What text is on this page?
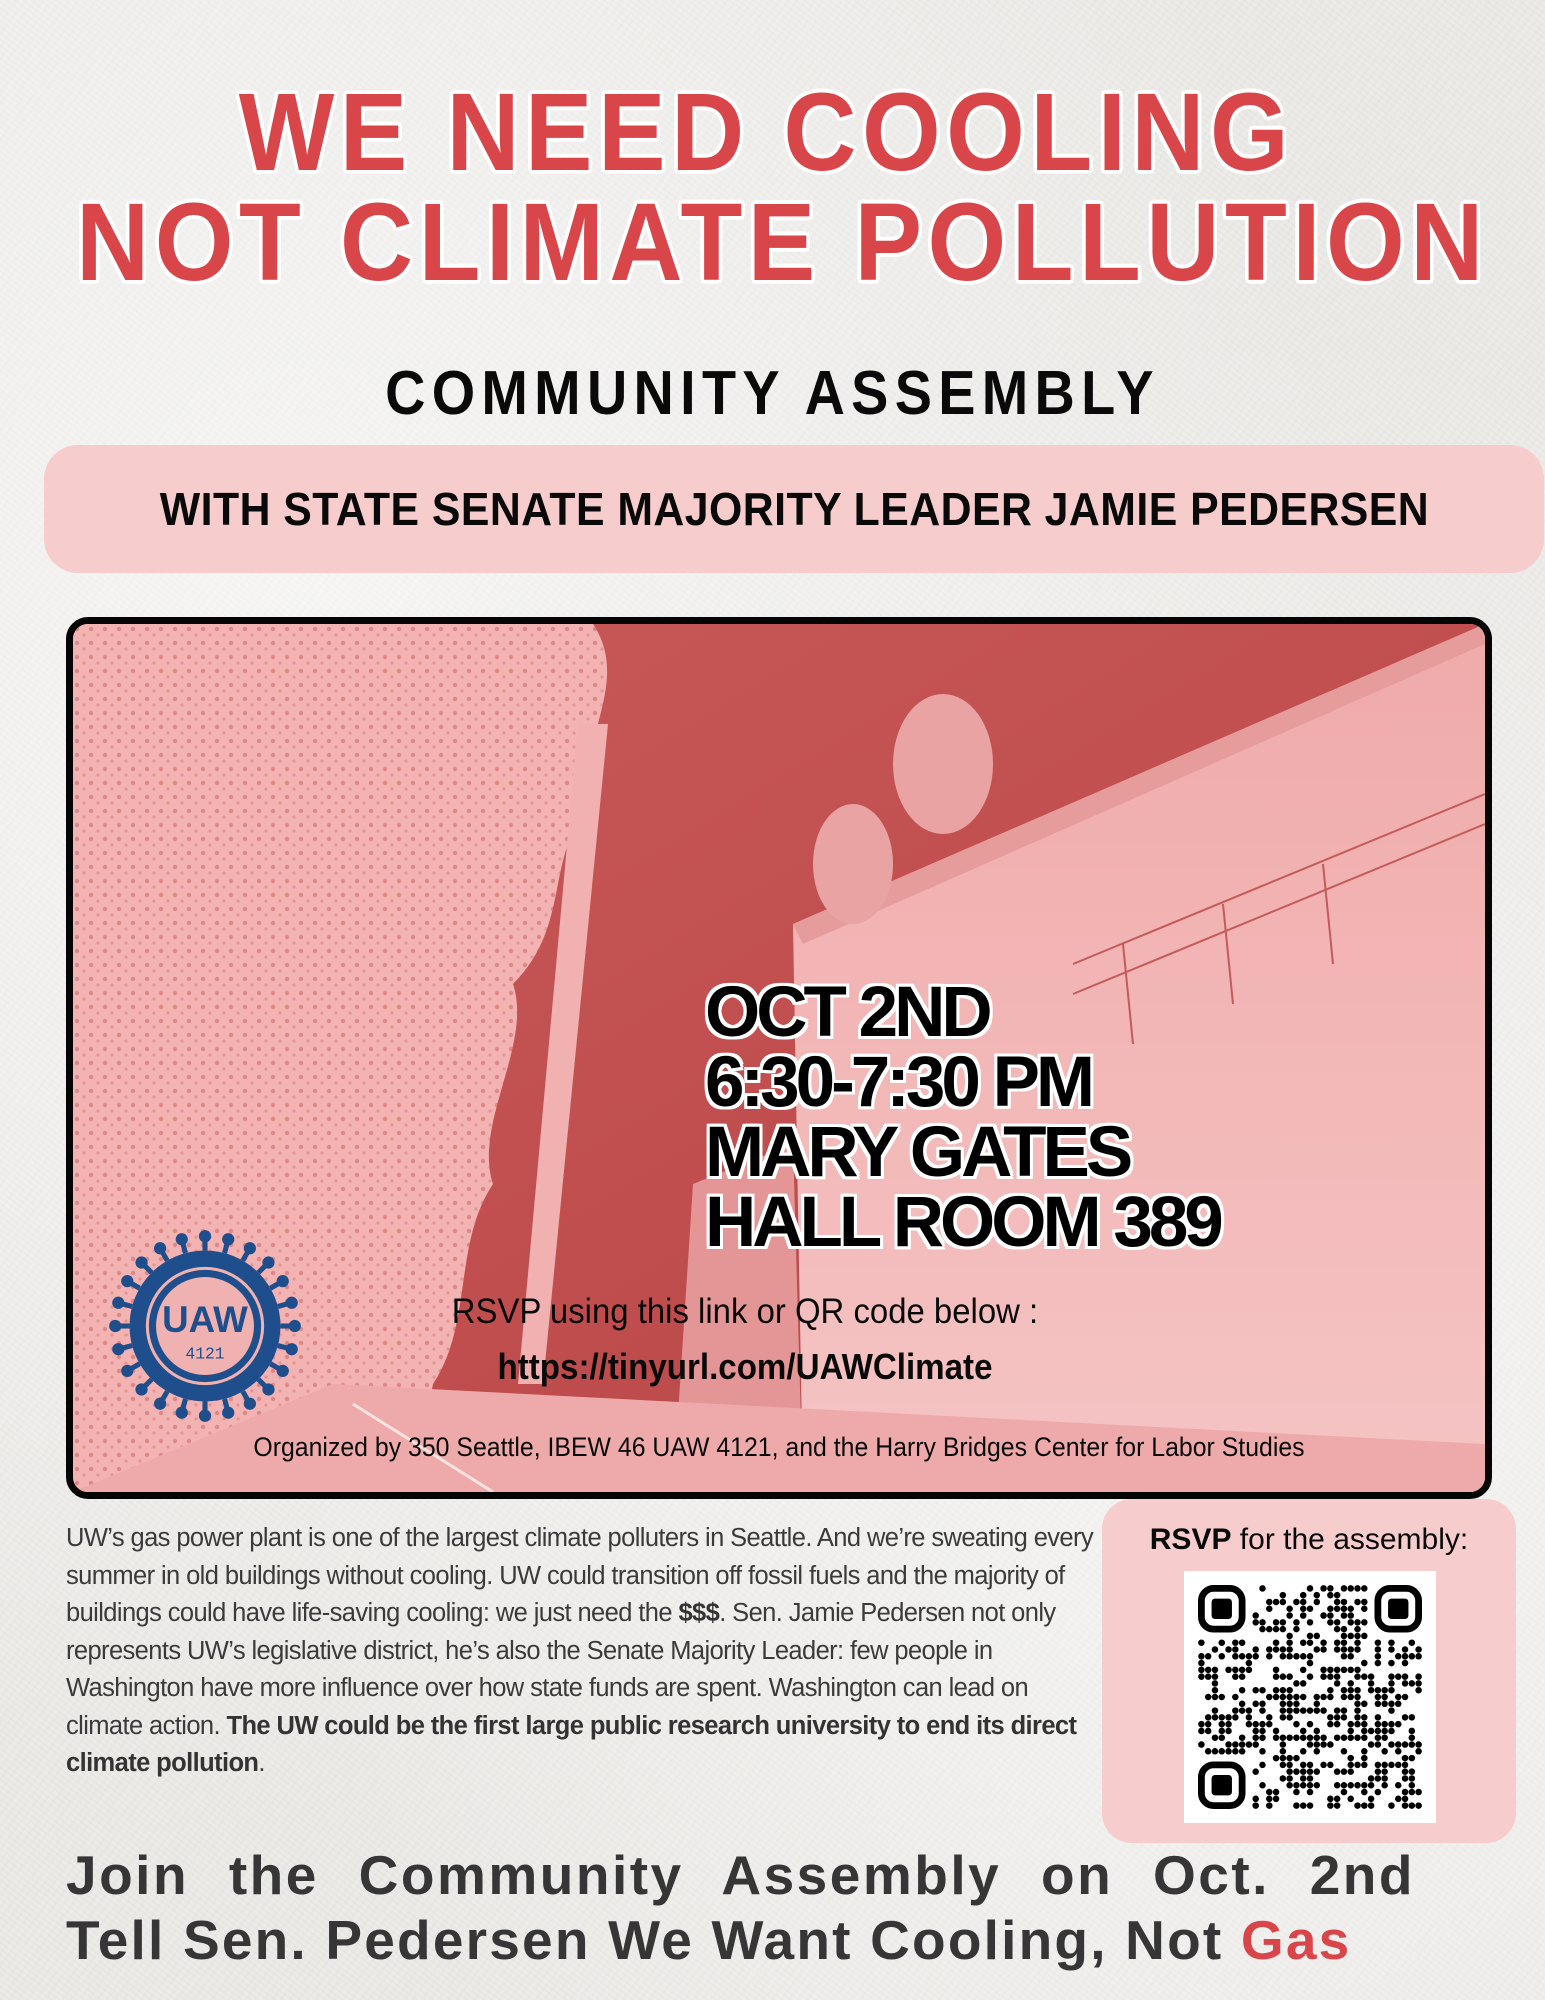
WE NEED COOLING
NOT CLIMATE POLLUTION
COMMUNITY ASSEMBLY
WITH STATE SENATE MAJORITY LEADER JAMIE PEDERSEN
UAW
4121
OCT 2ND
6:30-7:30 PM
MARY GATES
HALL ROOM 389
RSVP using this link or QR code below :
https://tinyurl.com/UAWClimate
Organized by 350 Seattle, IBEW 46 UAW 4121, and the Harry Bridges Center for Labor Studies
UW’s gas power plant is one of the largest climate polluters in Seattle. And we’re sweating every summer in old buildings without cooling. UW could transition off fossil fuels and the majority of buildings could have life-saving cooling: we just need the $$$. Sen. Jamie Pedersen not only represents UW’s legislative district, he’s also the Senate Majority Leader: few people in Washington have more influence over how state funds are spent. Washington can lead on climate action. The UW could be the first large public research university to end its direct climate pollution.
RSVP for the assembly:
Join the Community Assembly on Oct. 2nd
Tell Sen. Pedersen We Want Cooling, Not Gas
